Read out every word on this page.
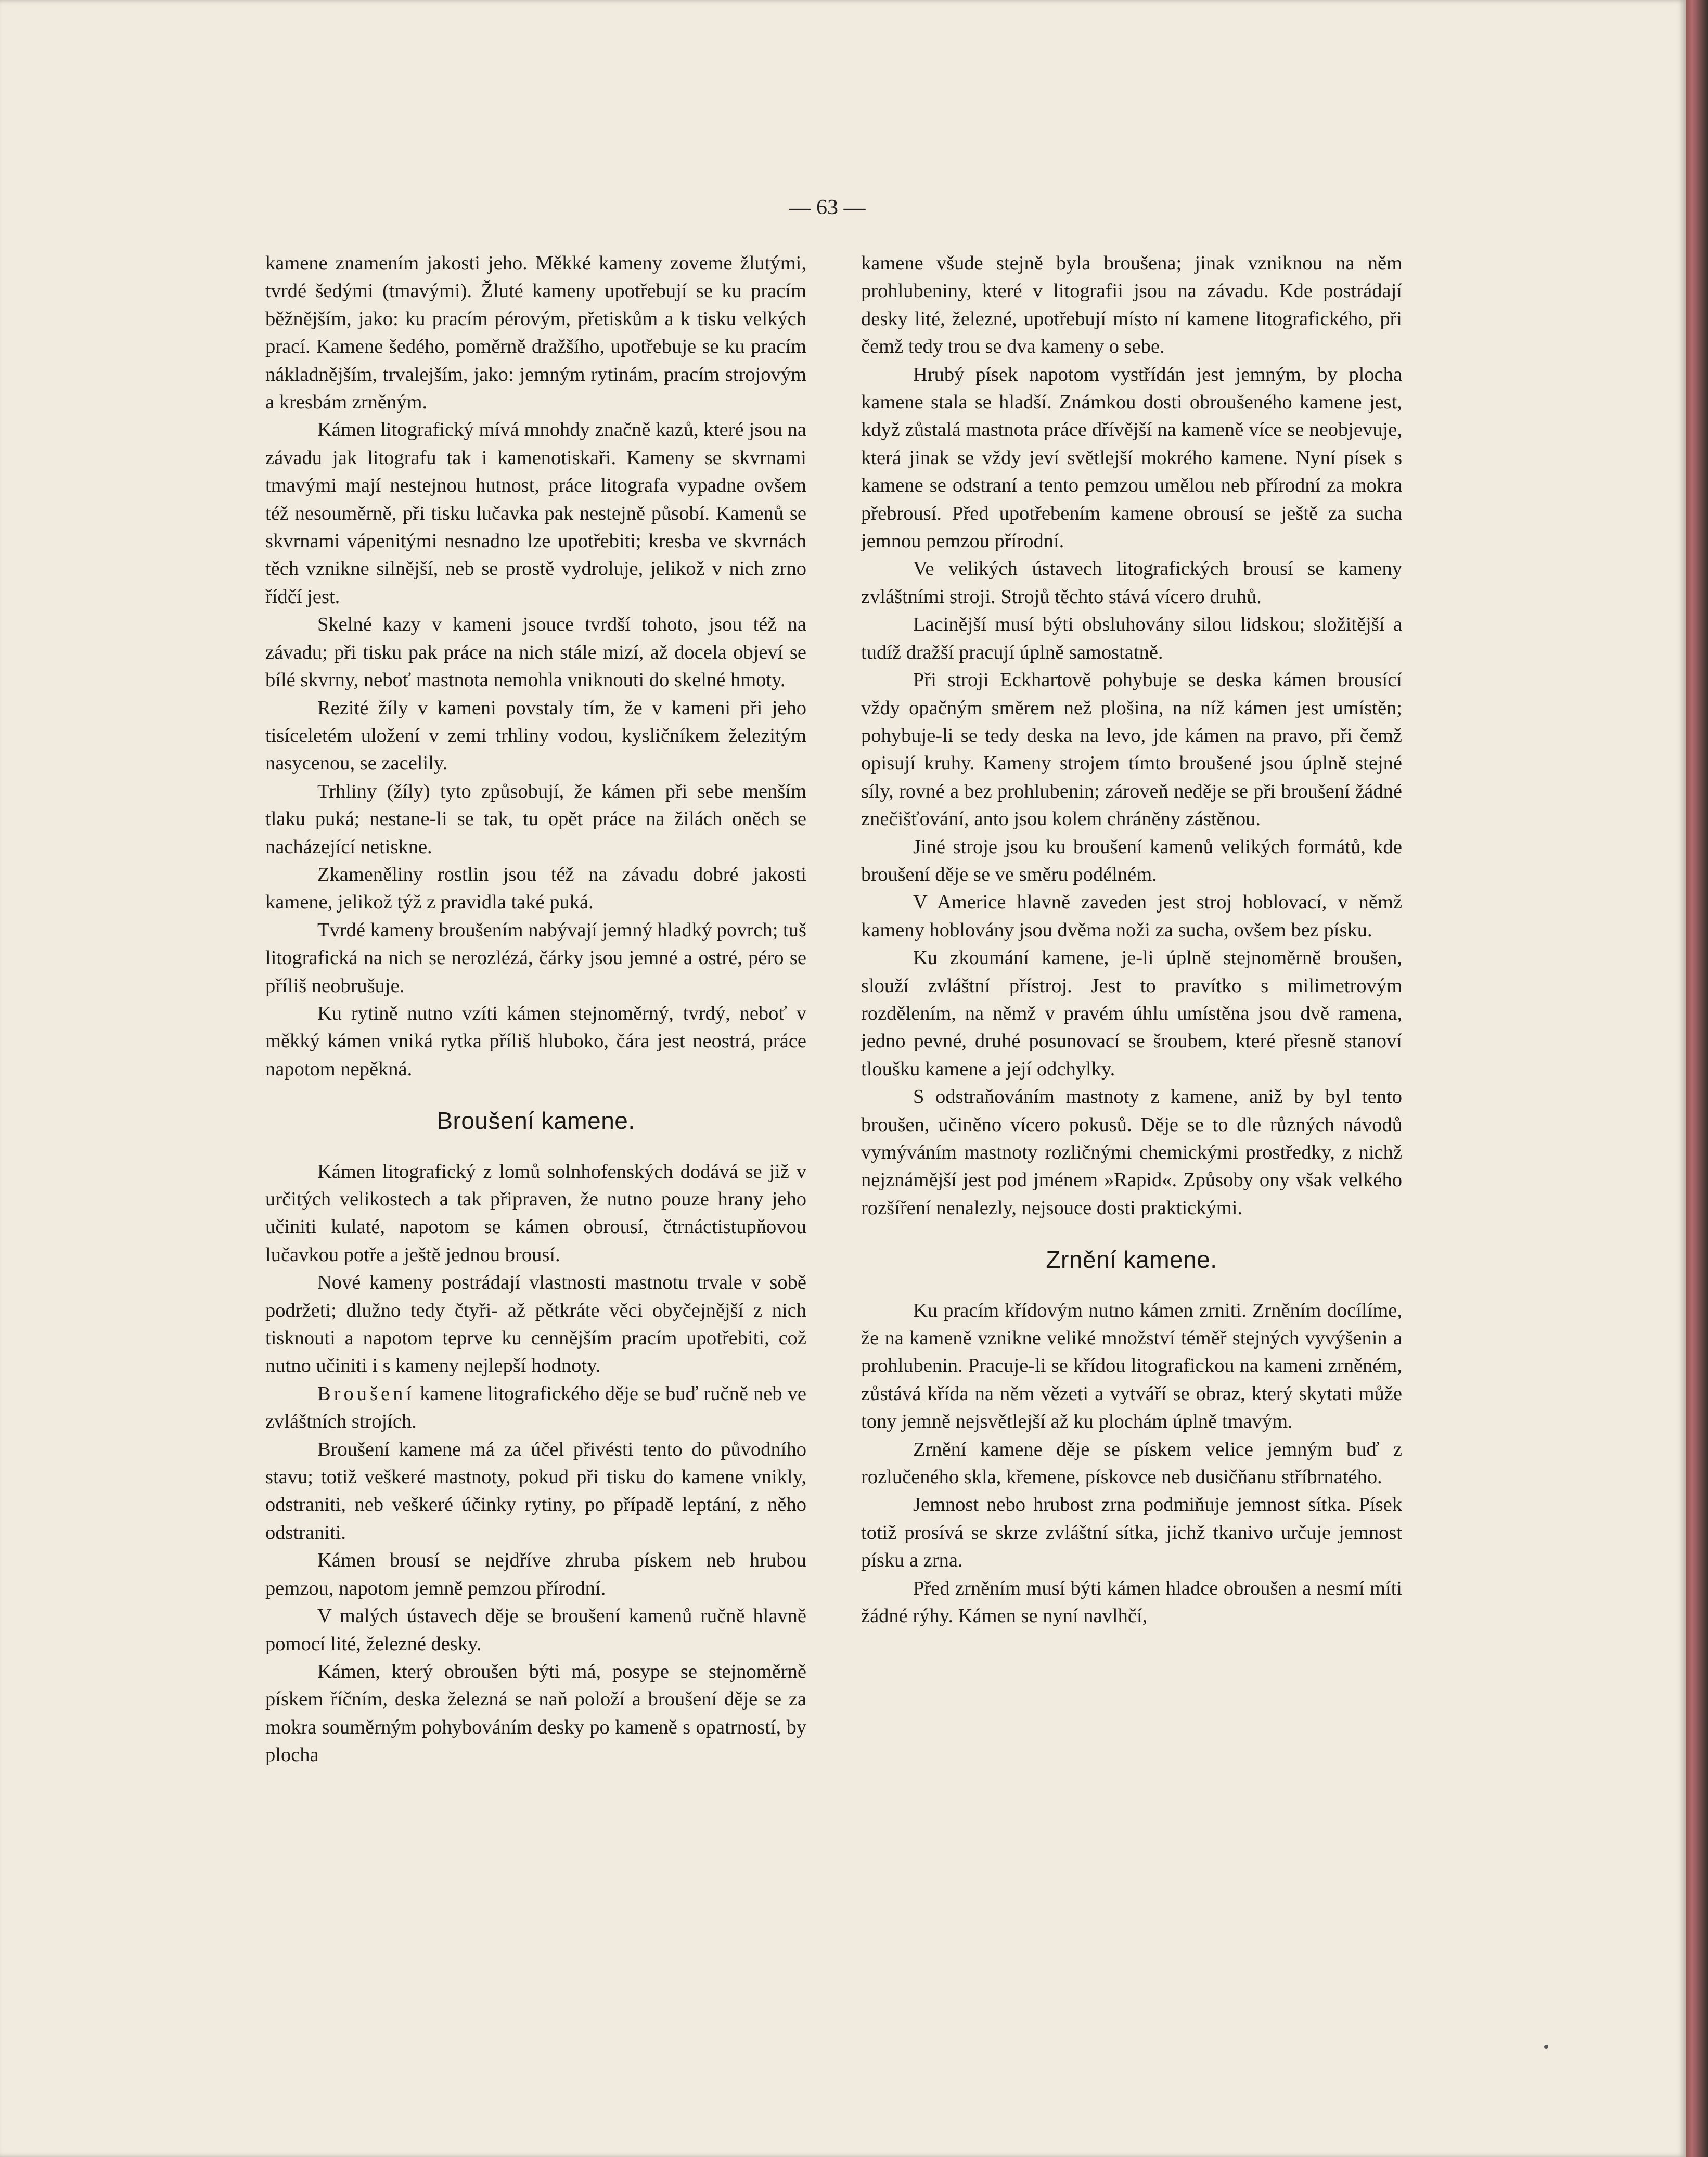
— 63 —

kamene znamením jakosti jeho. Měkké kameny zoveme žlutými, tvrdé šedými (tmavými). Žluté kameny upotřebují se ku pracím běžnějším, jako: ku pracím pérovým, přetiskům a k tisku velkých prací. Kamene šedého, poměrně dražšího, upotřebuje se ku pracím nákladnějším, trvalejším, jako: jemným rytinám, pracím strojovým a kresbám zrněným.

Kámen litografický mívá mnohdy značně kazů, které jsou na závadu jak litografu tak i kamenotiskaři. Kameny se skvrnami tmavými mají nestejnou hutnost, práce litografa vypadne ovšem též nesouměrně, při tisku lučavka pak nestejně působí. Kamenů se skvrnami vápenitými nesnadno lze upotřebiti; kresba ve skvrnách těch vznikne silnější, neb se prostě vydroluje, jelikož v nich zrno řídčí jest.

Skelné kazy v kameni jsouce tvrdší tohoto, jsou též na závadu; při tisku pak práce na nich stále mizí, až docela objeví se bílé skvrny, neboť mastnota nemohla vniknouti do skelné hmoty.

Rezité žíly v kameni povstaly tím, že v kameni při jeho tisíceletém uložení v zemi trhliny vodou, kysličníkem železitým nasycenou, se zacelily.

Trhliny (žíly) tyto způsobují, že kámen při sebe menším tlaku puká; nestane-li se tak, tu opět práce na žilách oněch se nacházející netiskne.

Zkameněliny rostlin jsou též na závadu dobré jakosti kamene, jelikož týž z pravidla také puká.

Tvrdé kameny broušením nabývají jemný hladký povrch; tuš litografická na nich se nerozlézá, čárky jsou jemné a ostré, péro se příliš neobrušuje.

Ku rytině nutno vzíti kámen stejnoměrný, tvrdý, neboť v měkký kámen vniká rytka příliš hluboko, čára jest neostrá, práce napotom nepěkná.

Broušení kamene.

Kámen litografický z lomů solnhofenských dodává se již v určitých velikostech a tak připraven, že nutno pouze hrany jeho učiniti kulaté, napotom se kámen obrousí, čtrnáctistupňovou lučavkou potře a ještě jednou brousí.

Nové kameny postrádají vlastnosti mastnotu trvale v sobě podržeti; dlužno tedy čtyři- až pětkráte věci obyčejnější z nich tisknouti a napotom teprve ku cennějším pracím upotřebiti, což nutno učiniti i s kameny nejlepší hodnoty.

Broušení kamene litografického děje se buď ručně neb ve zvláštních strojích.

Broušení kamene má za účel přivésti tento do původního stavu; totiž veškeré mastnoty, pokud při tisku do kamene vnikly, odstraniti, neb veškeré účinky rytiny, po případě leptání, z něho odstraniti.

Kámen brousí se nejdříve zhruba pískem neb hrubou pemzou, napotom jemně pemzou přírodní.

V malých ústavech děje se broušení kamenů ručně hlavně pomocí lité, železné desky.

Kámen, který obroušen býti má, posype se stejnoměrně pískem říčním, deska železná se naň položí a broušení děje se za mokra souměrným pohybováním desky po kameně s opatrností, by plocha

kamene všude stejně byla broušena; jinak vzniknou na něm prohlubeniny, které v litografii jsou na závadu. Kde postrádají desky lité, železné, upotřebují místo ní kamene litografického, při čemž tedy trou se dva kameny o sebe.

Hrubý písek napotom vystřídán jest jemným, by plocha kamene stala se hladší. Známkou dosti obroušeného kamene jest, když zůstalá mastnota práce dřívější na kameně více se neobjevuje, která jinak se vždy jeví světlejší mokrého kamene. Nyní písek s kamene se odstraní a tento pemzou umělou neb přírodní za mokra přebrousí. Před upotřebením kamene obrousí se ještě za sucha jemnou pemzou přírodní.

Ve velikých ústavech litografických brousí se kameny zvláštními stroji. Strojů těchto stává vícero druhů.

Lacinější musí býti obsluhovány silou lidskou; složitější a tudíž dražší pracují úplně samostatně.

Při stroji Eckhartově pohybuje se deska kámen brousící vždy opačným směrem než plošina, na níž kámen jest umístěn; pohybuje-li se tedy deska na levo, jde kámen na pravo, při čemž opisují kruhy. Kameny strojem tímto broušené jsou úplně stejné síly, rovné a bez prohlubenin; zároveň neděje se při broušení žádné znečišťování, anto jsou kolem chráněny zástěnou.

Jiné stroje jsou ku broušení kamenů velikých formátů, kde broušení děje se ve směru podélném.

V Americe hlavně zaveden jest stroj hoblovací, v němž kameny hoblovány jsou dvěma noži za sucha, ovšem bez písku.

Ku zkoumání kamene, je-li úplně stejnoměrně broušen, slouží zvláštní přístroj. Jest to pravítko s milimetrovým rozdělením, na němž v pravém úhlu umístěna jsou dvě ramena, jedno pevné, druhé posunovací se šroubem, které přesně stanoví tloušku kamene a její odchylky.

S odstraňováním mastnoty z kamene, aniž by byl tento broušen, učiněno vícero pokusů. Děje se to dle různých návodů vymýváním mastnoty rozličnými chemickými prostředky, z nichž nejznámější jest pod jménem »Rapid«. Způsoby ony však velkého rozšíření nenalezly, nejsouce dosti praktickými.

Zrnění kamene.

Ku pracím křídovým nutno kámen zrniti. Zrněním docílíme, že na kameně vznikne veliké množství téměř stejných vyvýšenin a prohlubenin. Pracuje-li se křídou litografickou na kameni zrněném, zůstává křída na něm vězeti a vytváří se obraz, který skytati může tony jemně nejsvětlejší až ku plochám úplně tmavým.

Zrnění kamene děje se pískem velice jemným buď z rozlučeného skla, křemene, pískovce neb dusičňanu stříbrnatého.

Jemnost nebo hrubost zrna podmiňuje jemnost sítka. Písek totiž prosívá se skrze zvláštní sítka, jichž tkanivo určuje jemnost písku a zrna.

Před zrněním musí býti kámen hladce obroušen a nesmí míti žádné rýhy. Kámen se nyní navlhčí,
